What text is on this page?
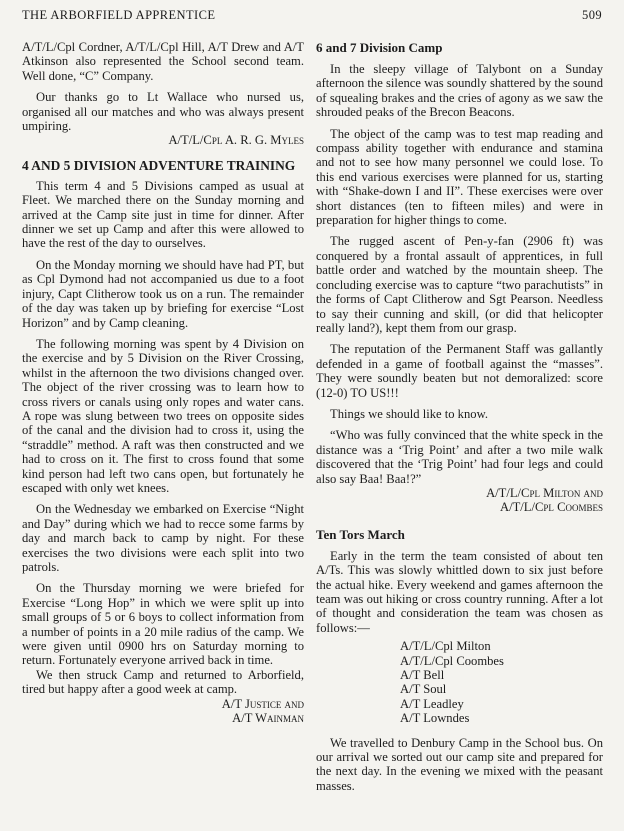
THE ARBORFIELD APPRENTICE	509

A/T/L/Cpl Cordner, A/T/L/Cpl Hill, A/T Drew and A/T Atkinson also represented the School second team. Well done, “C” Company.

Our thanks go to Lt Wallace who nursed us, organised all our matches and who was always present umpiring.

A/T/L/Cpl A. R. G. Myles
4 AND 5 DIVISION ADVENTURE TRAINING

This term 4 and 5 Divisions camped as usual at Fleet. We marched there on the Sunday morning and arrived at the Camp site just in time for dinner. After dinner we set up Camp and after this were allowed to have the rest of the day to ourselves.

On the Monday morning we should have had PT, but as Cpl Dymond had not accompanied us due to a foot injury, Capt Clitherow took us on a run. The remainder of the day was taken up by briefing for exercise “Lost Horizon” and by Camp cleaning.

The following morning was spent by 4 Division on the exercise and by 5 Division on the River Crossing, whilst in the afternoon the two divisions changed over. The object of the river crossing was to learn how to cross rivers or canals using only ropes and water cans. A rope was slung between two trees on opposite sides of the canal and the division had to cross it, using the “straddle” method. A raft was then constructed and we had to cross on it. The first to cross found that some kind person had left two cans open, but fortunately he escaped with only wet knees.

On the Wednesday we embarked on Exercise “Night and Day” during which we had to recce some farms by day and march back to camp by night. For these exercises the two divisions were each split into two patrols.

On the Thursday morning we were briefed for Exercise “Long Hop” in which we were split up into small groups of 5 or 6 boys to collect information from a number of points in a 20 mile radius of the camp. We were given until 0900 hrs on Saturday morning to return. Fortunately everyone arrived back in time.

We then struck Camp and returned to Arborfield, tired but happy after a good week at camp.

A/T Justice and
A/T Wainman
6 and 7 Division Camp

In the sleepy village of Talybont on a Sunday afternoon the silence was soundly shattered by the sound of squealing brakes and the cries of agony as we saw the shrouded peaks of the Brecon Beacons.

The object of the camp was to test map reading and compass ability together with endurance and stamina and not to see how many personnel we could lose. To this end various exercises were planned for us, starting with “Shake-down I and II”. These exercises were over short distances (ten to fifteen miles) and were in preparation for higher things to come.

The rugged ascent of Pen-y-fan (2906 ft) was conquered by a frontal assault of apprentices, in full battle order and watched by the mountain sheep. The concluding exercise was to capture “two parachutists” in the forms of Capt Clitherow and Sgt Pearson. Needless to say their cunning and skill, (or did that helicopter really land?), kept them from our grasp.

The reputation of the Permanent Staff was gallantly defended in a game of football against the “masses”. They were soundly beaten but not demoralized: score (12-0) TO US!!!

Things we should like to know.

“Who was fully convinced that the white speck in the distance was a ‘Trig Point’ and after a two mile walk discovered that the ‘Trig Point’ had four legs and could also say Baa! Baa!?”

A/T/L/Cpl Milton and
A/T/L/Cpl Coombes
Ten Tors March

Early in the term the team consisted of about ten A/Ts. This was slowly whittled down to six just before the actual hike. Every weekend and games afternoon the team was out hiking or cross country running. After a lot of thought and consideration the team was chosen as follows:—

A/T/L/Cpl Milton
A/T/L/Cpl Coombes
A/T Bell
A/T Soul
A/T Leadley
A/T Lowndes

We travelled to Denbury Camp in the School bus. On our arrival we sorted out our camp site and prepared for the next day. In the evening we mixed with the peasant masses.
